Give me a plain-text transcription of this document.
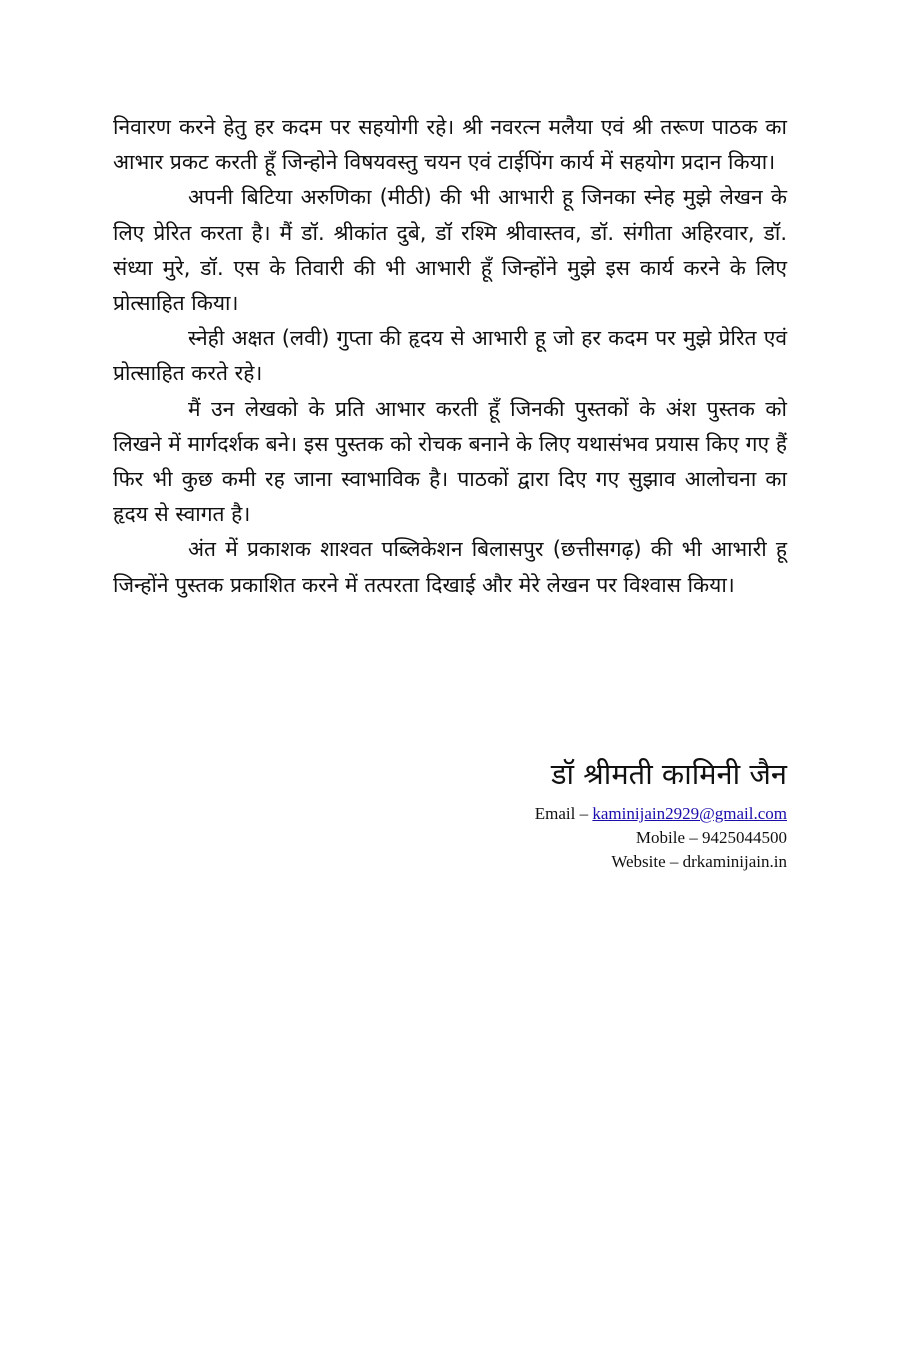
निवारण करने हेतु हर कदम पर सहयोगी रहे। श्री नवरत्न मलैया एवं श्री तरूण पाठक का आभार प्रकट करती हूँ जिन्होने विषयवस्तु चयन एवं टाईपिंग कार्य में सहयोग प्रदान किया।

अपनी बिटिया अरुणिका (मीठी) की भी आभारी हू जिनका स्नेह मुझे लेखन के लिए प्रेरित करता है। मैं डॉ. श्रीकांत दुबे, डॉ रश्मि श्रीवास्तव, डॉ. संगीता अहिरवार, डॉ. संध्या मुरे, डॉ. एस के तिवारी की भी आभारी हूँ जिन्होंने मुझे इस कार्य करने के लिए प्रोत्साहित किया।

स्नेही अक्षत (लवी) गुप्ता की हृदय से आभारी हू जो हर कदम पर मुझे प्रेरित एवं प्रोत्साहित करते रहे।

मैं उन लेखको के प्रति आभार करती हूँ जिनकी पुस्तकों के अंश पुस्तक को लिखने में मार्गदर्शक बने। इस पुस्तक को रोचक बनाने के लिए यथासंभव प्रयास किए गए हैं फिर भी कुछ कमी रह जाना स्वाभाविक है। पाठकों द्वारा दिए गए सुझाव आलोचना का हृदय से स्वागत है।

अंत में प्रकाशक शाश्वत पब्लिकेशन बिलासपुर (छत्तीसगढ़) की भी आभारी हू जिन्होंने पुस्तक प्रकाशित करने में तत्परता दिखाई और मेरे लेखन पर विश्वास किया।

डॉ श्रीमती कामिनी जैन
Email – kaminijain2929@gmail.com
Mobile – 9425044500
Website – drkaminijain.in
